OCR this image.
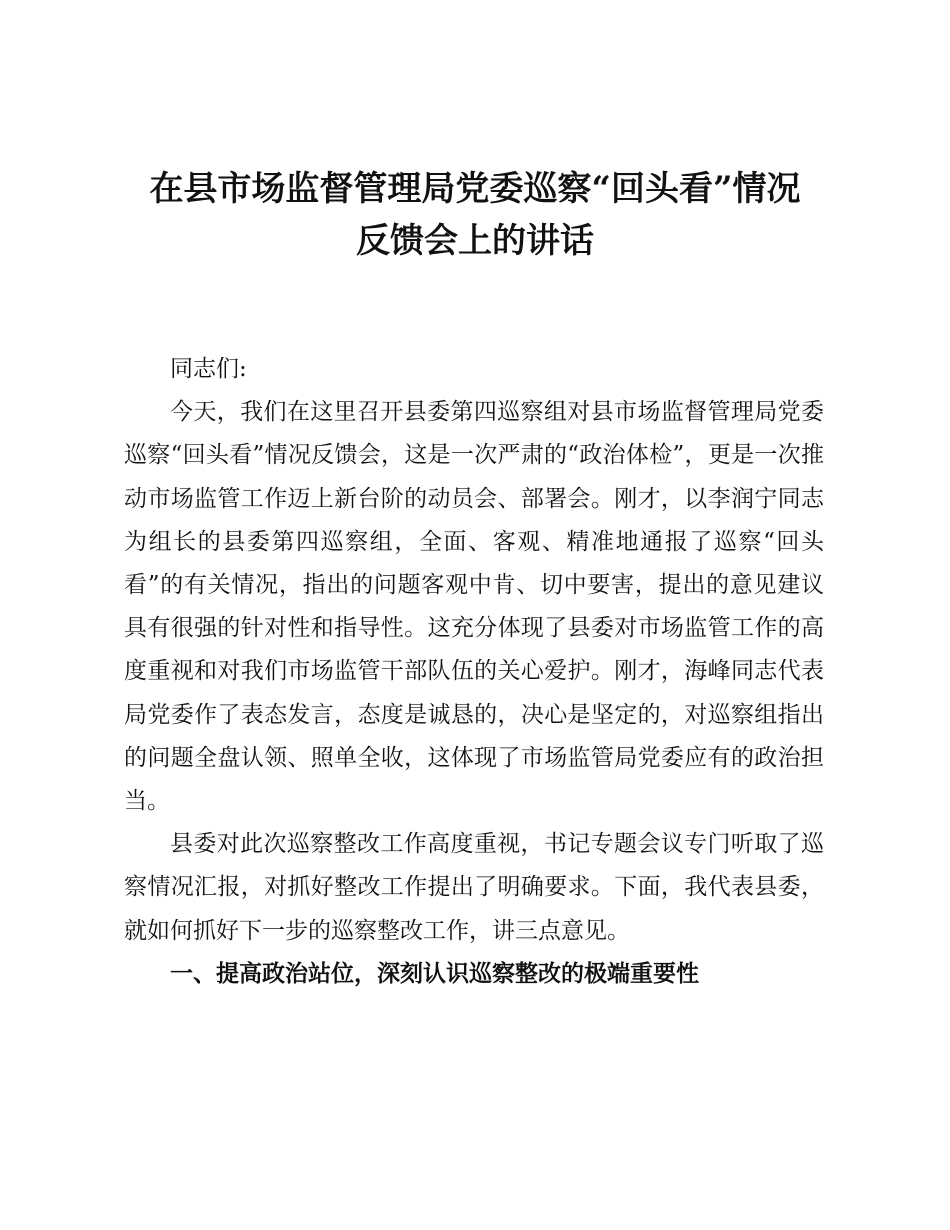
在县市场监督管理局党委巡察“回头看”情况
反馈会上的讲话

同志们:

今天，我们在这里召开县委第四巡察组对县市场监督管理局党委巡察“回头看”情况反馈会，这是一次严肃的“政治体检”，更是一次推动市场监管工作迈上新台阶的动员会、部署会。刚才，以李润宁同志为组长的县委第四巡察组，全面、客观、精准地通报了巡察“回头看”的有关情况，指出的问题客观中肯、切中要害，提出的意见建议具有很强的针对性和指导性。这充分体现了县委对市场监管工作的高度重视和对我们市场监管干部队伍的关心爱护。刚才，海峰同志代表局党委作了表态发言，态度是诚恳的，决心是坚定的，对巡察组指出的问题全盘认领、照单全收，这体现了市场监管局党委应有的政治担当。

县委对此次巡察整改工作高度重视，书记专题会议专门听取了巡察情况汇报，对抓好整改工作提出了明确要求。下面，我代表县委，就如何抓好下一步的巡察整改工作，讲三点意见。

一、提高政治站位，深刻认识巡察整改的极端重要性
